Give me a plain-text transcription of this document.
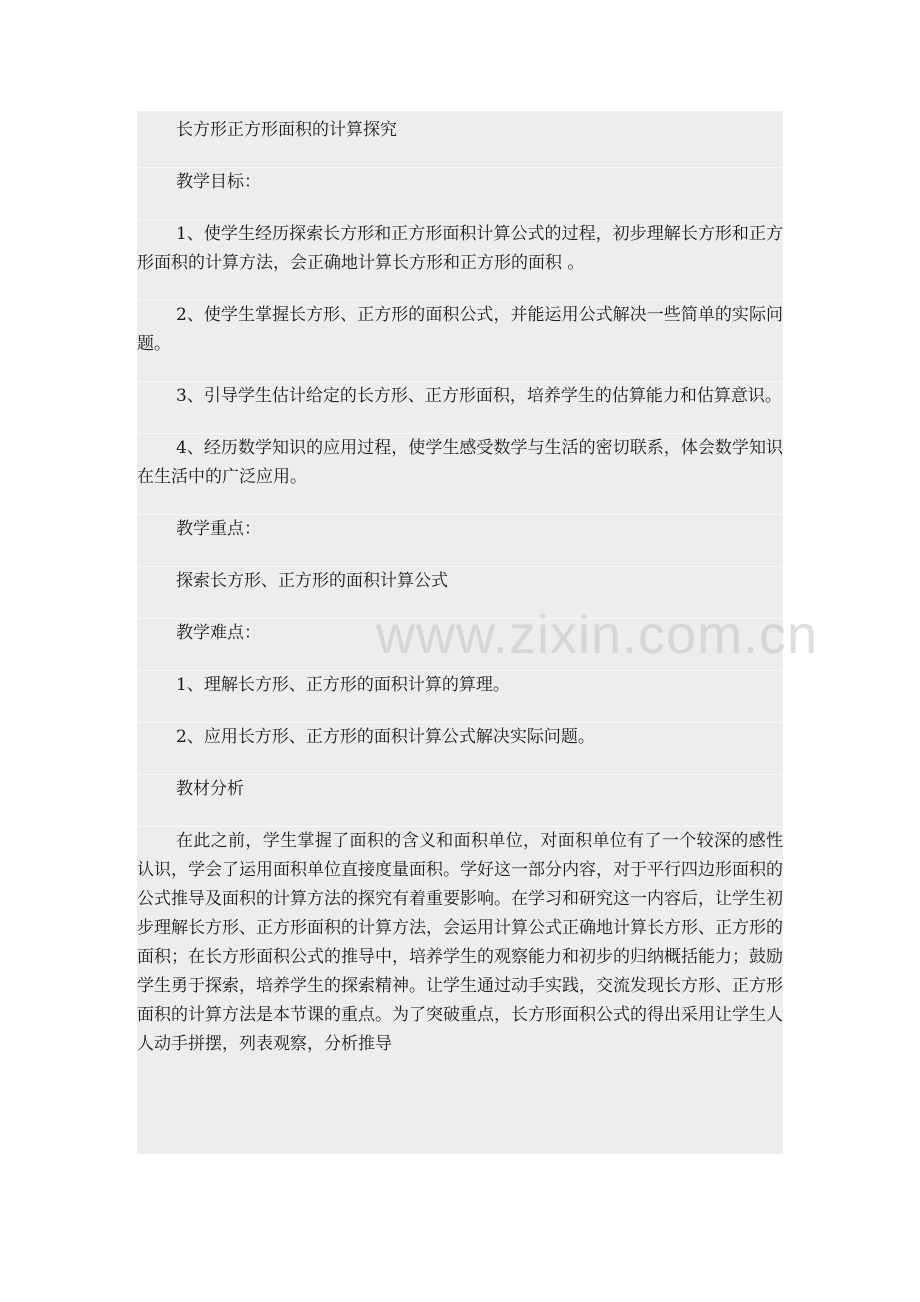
长方形正方形面积的计算探究

教学目标：

1、使学生经历探索长方形和正方形面积计算公式的过程，初步理解长方形和正方形面积的计算方法，会正确地计算长方形和正方形的面积 。

2、使学生掌握长方形、正方形的面积公式，并能运用公式解决一些简单的实际问题。

3、引导学生估计给定的长方形、正方形面积，培养学生的估算能力和估算意识。

4、经历数学知识的应用过程，使学生感受数学与生活的密切联系，体会数学知识在生活中的广泛应用。

教学重点：

探索长方形、正方形的面积计算公式

教学难点：

1、理解长方形、正方形的面积计算的算理。

2、应用长方形、正方形的面积计算公式解决实际问题。

教材分析

在此之前，学生掌握了面积的含义和面积单位，对面积单位有了一个较深的感性认识，学会了运用面积单位直接度量面积。学好这一部分内容，对于平行四边形面积的公式推导及面积的计算方法的探究有着重要影响。在学习和研究这一内容后，让学生初步理解长方形、正方形面积的计算方法，会运用计算公式正确地计算长方形、正方形的面积；在长方形面积公式的推导中，培养学生的观察能力和初步的归纳概括能力；鼓励学生勇于探索，培养学生的探索精神。让学生通过动手实践，交流发现长方形、正方形面积的计算方法是本节课的重点。为了突破重点，长方形面积公式的得出采用让学生人人动手拼摆，列表观察，分析推导

www.zixin.com.cn
